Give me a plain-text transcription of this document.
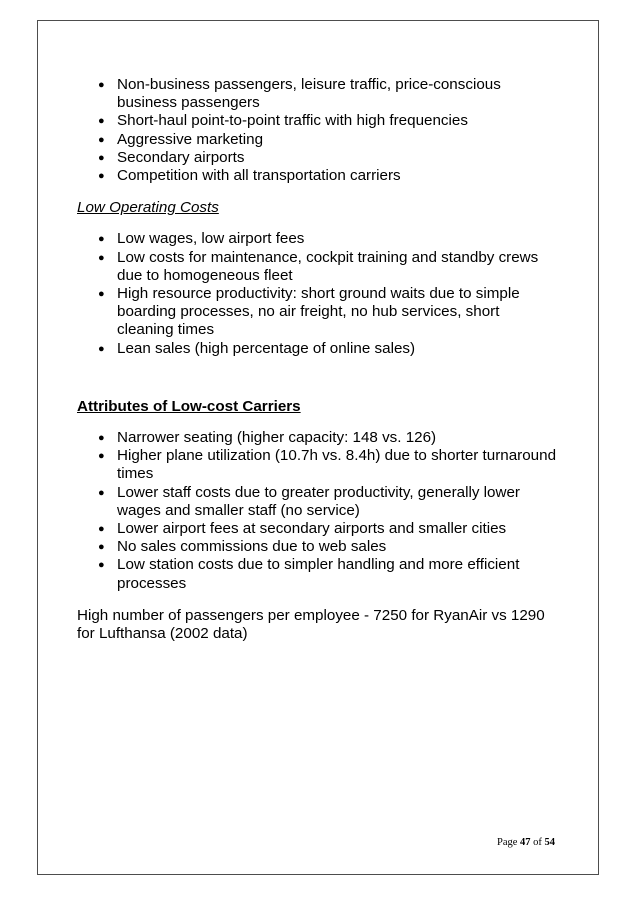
● Non-business passengers, leisure traffic, price-conscious business passengers
● Short-haul point-to-point traffic with high frequencies
● Aggressive marketing
● Secondary airports
● Competition with all transportation carriers
Low Operating Costs
● Low wages, low airport fees
● Low costs for maintenance, cockpit training and standby crews due to homogeneous fleet
● High resource productivity: short ground waits due to simple boarding processes, no air freight, no hub services, short cleaning times
● Lean sales (high percentage of online sales)
Attributes of Low-cost Carriers
● Narrower seating (higher capacity: 148 vs. 126)
● Higher plane utilization (10.7h vs. 8.4h) due to shorter turnaround times
● Lower staff costs due to greater productivity, generally lower wages and smaller staff (no service)
● Lower airport fees at secondary airports and smaller cities
● No sales commissions due to web sales
● Low station costs due to simpler handling and more efficient processes
High number of passengers per employee - 7250 for RyanAir vs 1290 for Lufthansa (2002 data)
Page 47 of 54
